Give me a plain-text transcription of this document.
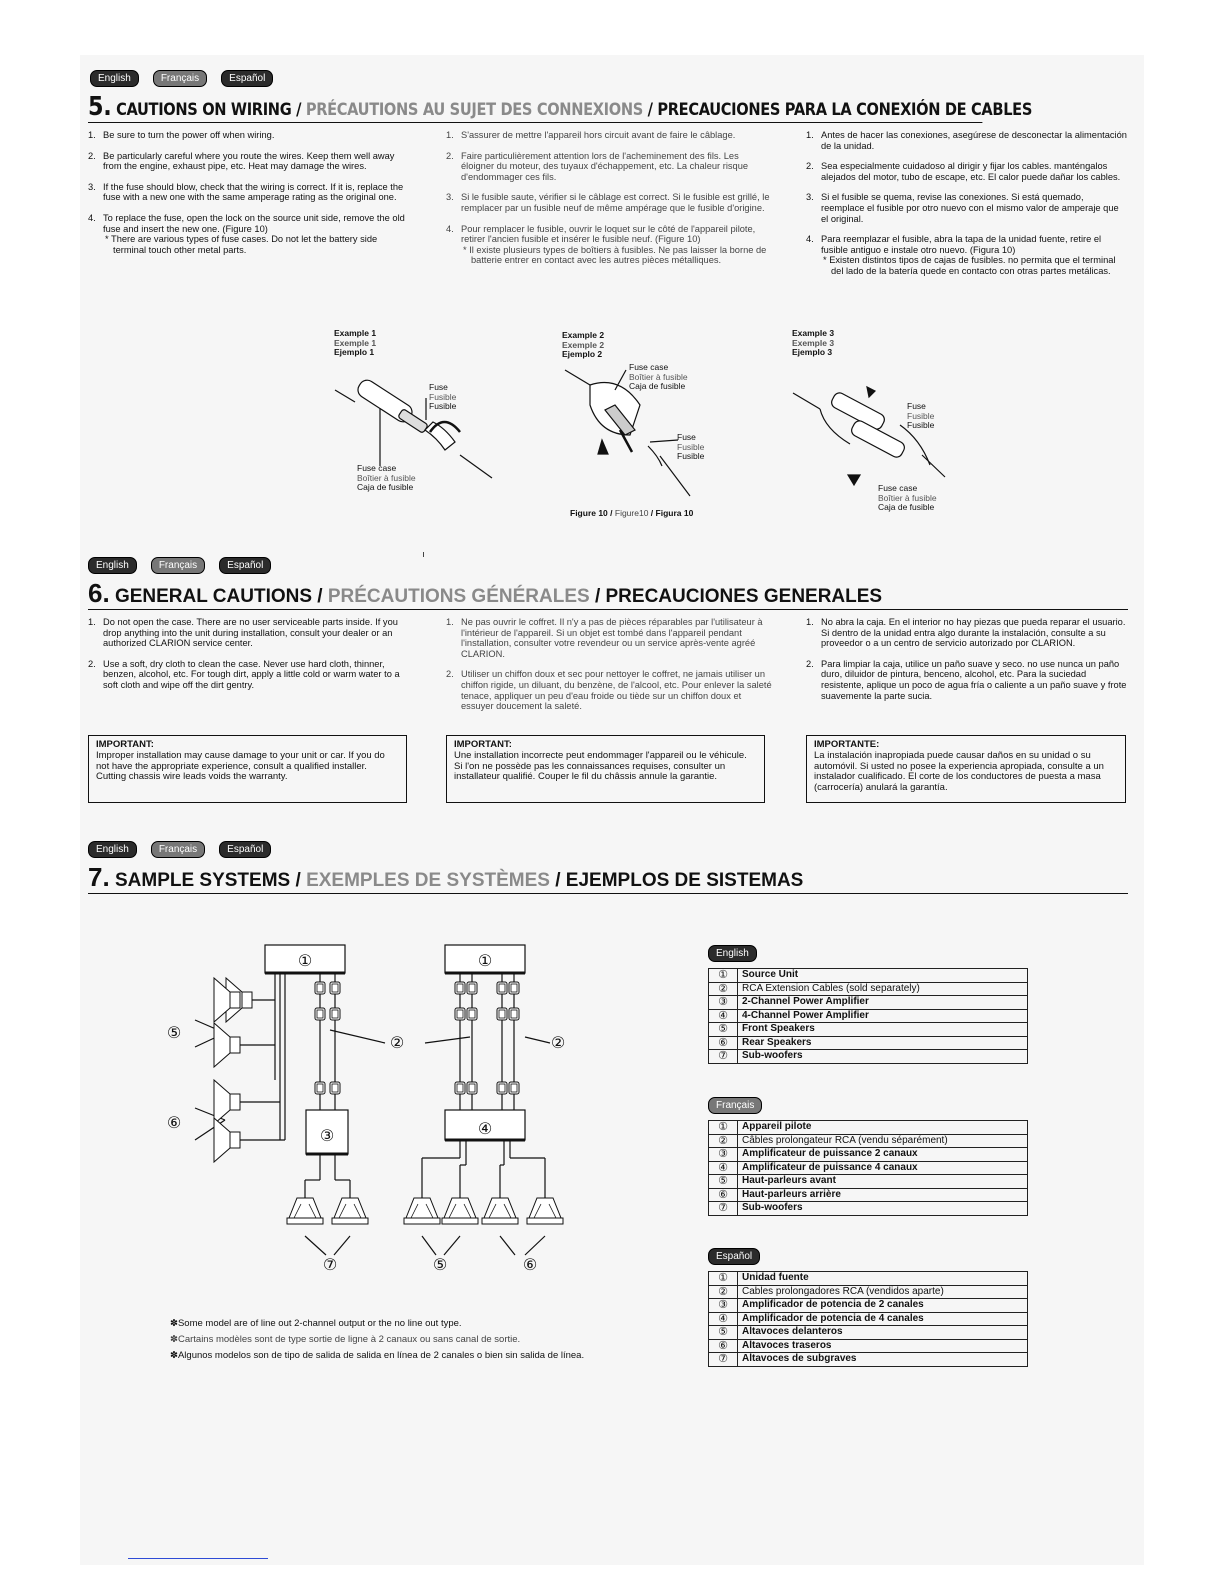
English	Français	Español
5. CAUTIONS ON WIRING / PRÉCAUTIONS AU SUJET DES CONNEXIONS / PRECAUCIONES PARA LA CONEXIÓN DE CABLES
1. Be sure to turn the power off when wiring.
2. Be particularly careful where you route the wires. Keep them well away from the engine, exhaust pipe, etc. Heat may damage the wires.
3. If the fuse should blow, check that the wiring is correct. If it is, replace the fuse with a new one with the same amperage rating as the original one.
4. To replace the fuse, open the lock on the source unit side, remove the old fuse and insert the new one. (Figure 10)
* There are various types of fuse cases. Do not let the battery side terminal touch other metal parts.
1. S'assurer de mettre l'appareil hors circuit avant de faire le câblage.
2. Faire particulièrement attention lors de l'acheminement des fils. Les éloigner du moteur, des tuyaux d'échappement, etc. La chaleur risque d'endommager ces fils.
3. Si le fusible saute, vérifier si le câblage est correct. Si le fusible est grillé, le remplacer par un fusible neuf de même ampérage que le fusible d'origine.
4. Pour remplacer le fusible, ouvrir le loquet sur le côté de l'appareil pilote, retirer l'ancien fusible et insérer le fusible neuf. (Figure 10)
* Il existe plusieurs types de boîtiers à fusibles. Ne pas laisser la borne de batterie entrer en contact avec les autres pièces métalliques.
1. Antes de hacer las conexiones, asegúrese de desconectar la alimentación de la unidad.
2. Sea especialmente cuidadoso al dirigir y fijar los cables. manténgalos alejados del motor, tubo de escape, etc. El calor puede dañar los cables.
3. Si el fusible se quema, revise las conexiones. Si está quemado, reemplace el fusible por otro nuevo con el mismo valor de amperaje que el original.
4. Para reemplazar el fusible, abra la tapa de la unidad fuente, retire el fusible antiguo e instale otro nuevo. (Figura 10)
* Existen distintos tipos de cajas de fusibles. no permita que el terminal del lado de la batería quede en contacto con otras partes metálicas.
Example 1
Exemple 1
Ejemplo 1
Example 2
Exemple 2
Ejemplo 2
Example 3
Exemple 3
Ejemplo 3
Fuse
Fusible
Fusible
Fuse case
Boîtier à fusible
Caja de fusible
Fuse case
Boîtier à fusible
Caja de fusible
Fuse
Fusible
Fusible
Figure 10 / Figure10 / Figura 10
Fuse
Fusible
Fusible
Fuse case
Boîtier à fusible
Caja de fusible
English	Français	Español
6. GENERAL CAUTIONS / PRÉCAUTIONS GÉNÉRALES / PRECAUCIONES GENERALES
1. Do not open the case. There are no user serviceable parts inside. If you drop anything into the unit during installation, consult your dealer or an authorized CLARION service center.
2. Use a soft, dry cloth to clean the case. Never use hard cloth, thinner, benzen, alcohol, etc. For tough dirt, apply a little cold or warm water to a soft cloth and wipe off the dirt gentry.
1. Ne pas ouvrir le coffret. Il n'y a pas de pièces réparables par l'utilisateur à l'intérieur de l'appareil. Si un objet est tombé dans l'appareil pendant l'installation, consulter votre revendeur ou un service après-vente agréé CLARION.
2. Utiliser un chiffon doux et sec pour nettoyer le coffret, ne jamais utiliser un chiffon rigide, un diluant, du benzène, de l'alcool, etc. Pour enlever la saleté tenace, appliquer un peu d'eau froide ou tiède sur un chiffon doux et essuyer doucement la saleté.
1. No abra la caja. En el interior no hay piezas que pueda reparar el usuario. Si dentro de la unidad entra algo durante la instalación, consulte a su proveedor o a un centro de servicio autorizado por CLARION.
2. Para limpiar la caja, utilice un paño suave y seco. no use nunca un paño duro, diluidor de pintura, benceno, alcohol, etc. Para la suciedad resistente, aplique un poco de agua fría o caliente a un paño suave y frote suavemente la parte sucia.
IMPORTANT:
Improper installation may cause damage to your unit or car. If you do not have the appropriate experience, consult a qualified installer. Cutting chassis wire leads voids the warranty.
IMPORTANT:
Une installation incorrecte peut endommager l'appareil ou le véhicule. Si l'on ne possède pas les connaissances requises, consulter un installateur qualifié. Couper le fil du châssis annule la garantie.
IMPORTANTE:
La instalación inapropiada puede causar daños en su unidad o su automóvil. Si usted no posee la experiencia apropiada, consulte a un instalador cualificado. El corte de los conductores de puesta a masa (carrocería) anulará la garantía.
English	Français	Español
7. SAMPLE SYSTEMS / EXEMPLES DE SYSTÈMES / EJEMPLOS DE SISTEMAS
①	①
②	②
③	④
⑤
⑥
⑦	⑤	⑥
✽Some model are of line out 2-channel output or the no line out type.
✽Cartains modèles sont de type sortie de ligne à 2 canaux ou sans canal de sortie.
✽Algunos modelos son de tipo de salida de salida en línea de 2 canales o bien sin salida de línea.
English
①	Source Unit
②	RCA Extension Cables (sold separately)
③	2-Channel Power Amplifier
④	4-Channel Power Amplifier
⑤	Front Speakers
⑥	Rear Speakers
⑦	Sub-woofers
Français
①	Appareil pilote
②	Câbles prolongateur RCA (vendu séparément)
③	Amplificateur de puissance 2 canaux
④	Amplificateur de puissance 4 canaux
⑤	Haut-parleurs avant
⑥	Haut-parleurs arrière
⑦	Sub-woofers
Español
①	Unidad fuente
②	Cables prolongadores RCA (vendidos aparte)
③	Amplificador de potencia de 2 canales
④	Amplificador de potencia de 4 canales
⑤	Altavoces delanteros
⑥	Altavoces traseros
⑦	Altavoces de subgraves
